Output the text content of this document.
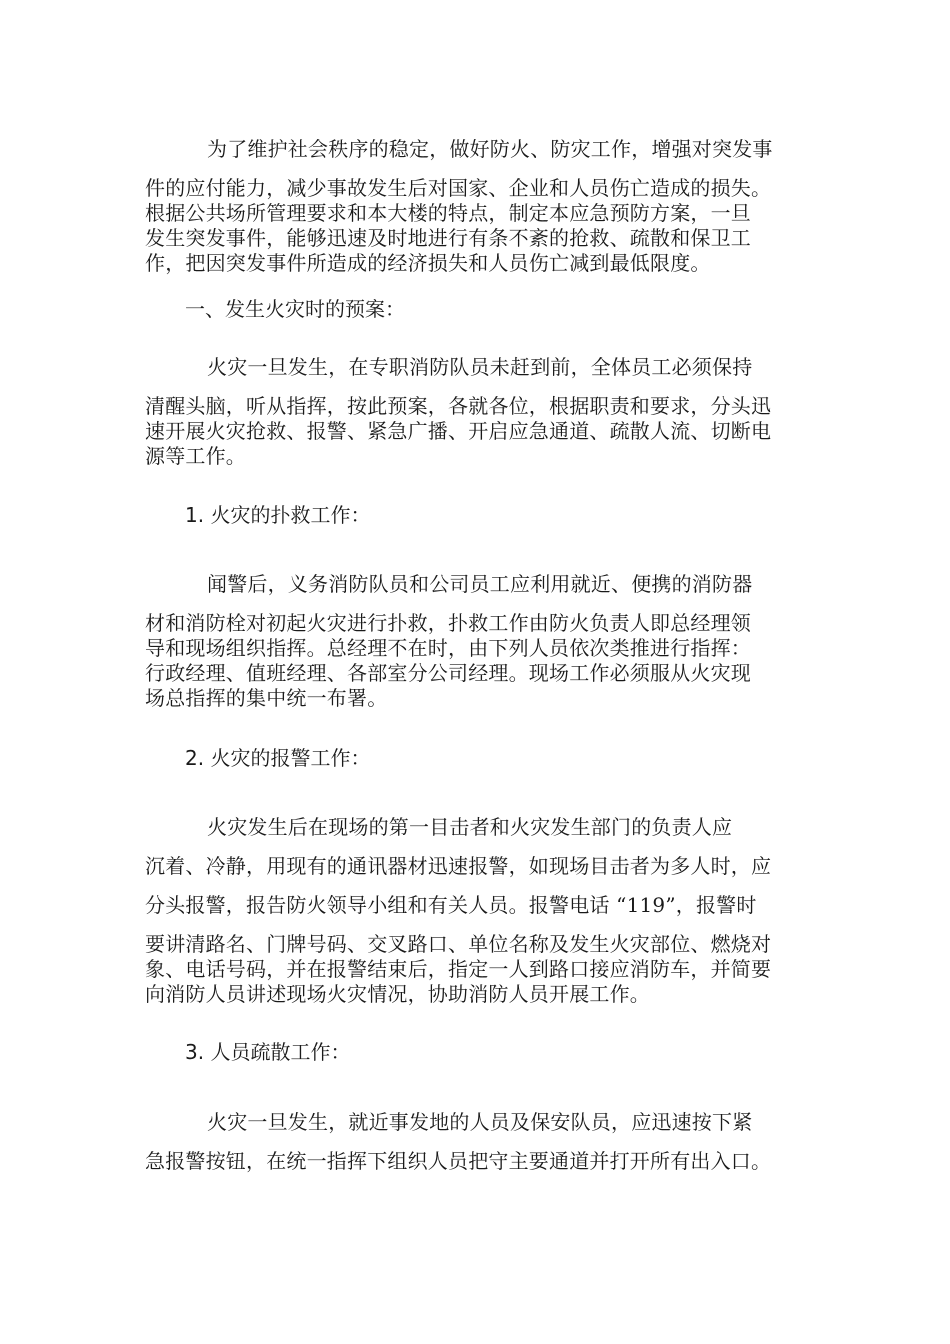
为了维护社会秩序的稳定，做好防火、防灾工作，增强对突发事
件的应付能力，减少事故发生后对国家、企业和人员伤亡造成的损失。
根据公共场所管理要求和本大楼的特点，制定本应急预防方案，一旦
发生突发事件，能够迅速及时地进行有条不紊的抢救、疏散和保卫工
作，把因突发事件所造成的经济损失和人员伤亡减到最低限度。
一、发生火灾时的预案：
火灾一旦发生，在专职消防队员未赶到前，全体员工必须保持
清醒头脑，听从指挥，按此预案，各就各位，根据职责和要求，分头迅
速开展火灾抢救、报警、紧急广播、开启应急通道、疏散人流、切断电
源等工作。
1. 火灾的扑救工作：
闻警后，义务消防队员和公司员工应利用就近、便携的消防器
材和消防栓对初起火灾进行扑救，扑救工作由防火负责人即总经理领
导和现场组织指挥。总经理不在时，由下列人员依次类推进行指挥：
行政经理、值班经理、各部室分公司经理。现场工作必须服从火灾现
场总指挥的集中统一布署。
2. 火灾的报警工作：
火灾发生后在现场的第一目击者和火灾发生部门的负责人应
沉着、冷静，用现有的通讯器材迅速报警，如现场目击者为多人时，应
分头报警，报告防火领导小组和有关人员。报警电话 “119”，报警时
要讲清路名、门牌号码、交叉路口、单位名称及发生火灾部位、燃烧对
象、电话号码，并在报警结束后，指定一人到路口接应消防车，并简要
向消防人员讲述现场火灾情况，协助消防人员开展工作。
3. 人员疏散工作：
火灾一旦发生，就近事发地的人员及保安队员，应迅速按下紧
急报警按钮，在统一指挥下组织人员把守主要通道并打开所有出入口。
